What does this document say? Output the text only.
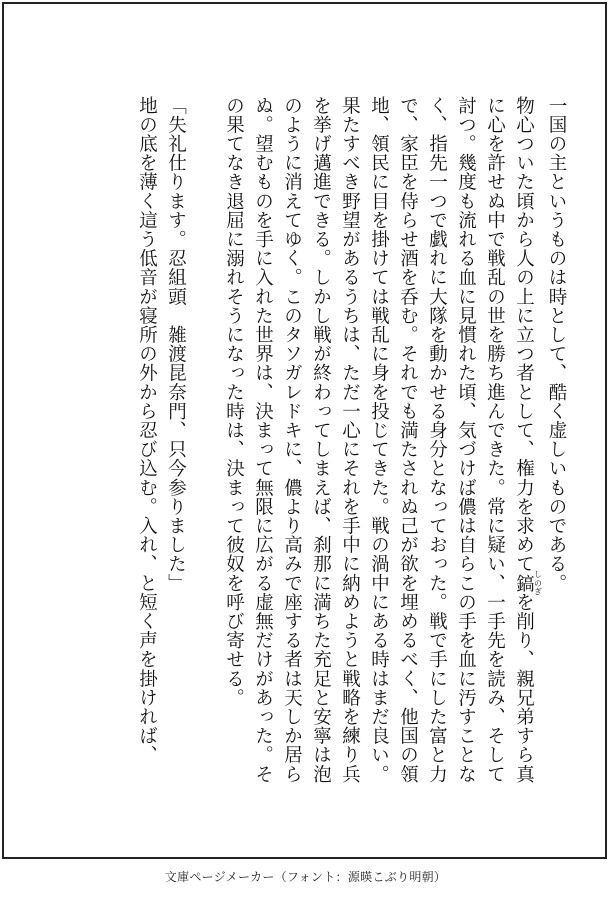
一国の主というものは時として、酷く虚しいものである。

物心ついた頃から人の上に立つ者として、権力を求めて鎬 しのぎを削り、親兄弟すら真に心を許せぬ中で戦乱の世を勝ち進んできた。常に疑い、一手先を読み、そして討つ。幾度も流れる血に見慣れた頃、気づけば儂は自らこの手を血に汚すことなく、指先一つで戯れに大隊を動かせる身分となっておった。戦で手にした富と力で、家臣を侍らせ酒を呑む。それでも満たされぬ己が欲を埋めるべく、他国の領地、領民に目を掛けては戦乱に身を投じてきた。戦の渦中にある時はまだ良い。果たすべき野望があるうちは、ただ一心にそれを手中に納めようと戦略を練り兵を挙げ邁進できる。しかし戦が終わってしまえば、刹那に満ちた充足と安寧は泡のように消えてゆく。このタソガレドキに、儂より高みで座する者は天しか居らぬ。望むものを手に入れた世界は、決まって無限に広がる虚無だけがあった。その果てなき退屈に溺れそうになった時は、決まって彼奴を呼び寄せる。

「失礼仕ります。忍組頭　雑渡昆奈門、只今参りました」

地の底を薄く這う低音が寝所の外から忍び込む。入れ、と短く声を掛ければ、

文庫ページメーカー（フォント：源暎こぶり明朝）
